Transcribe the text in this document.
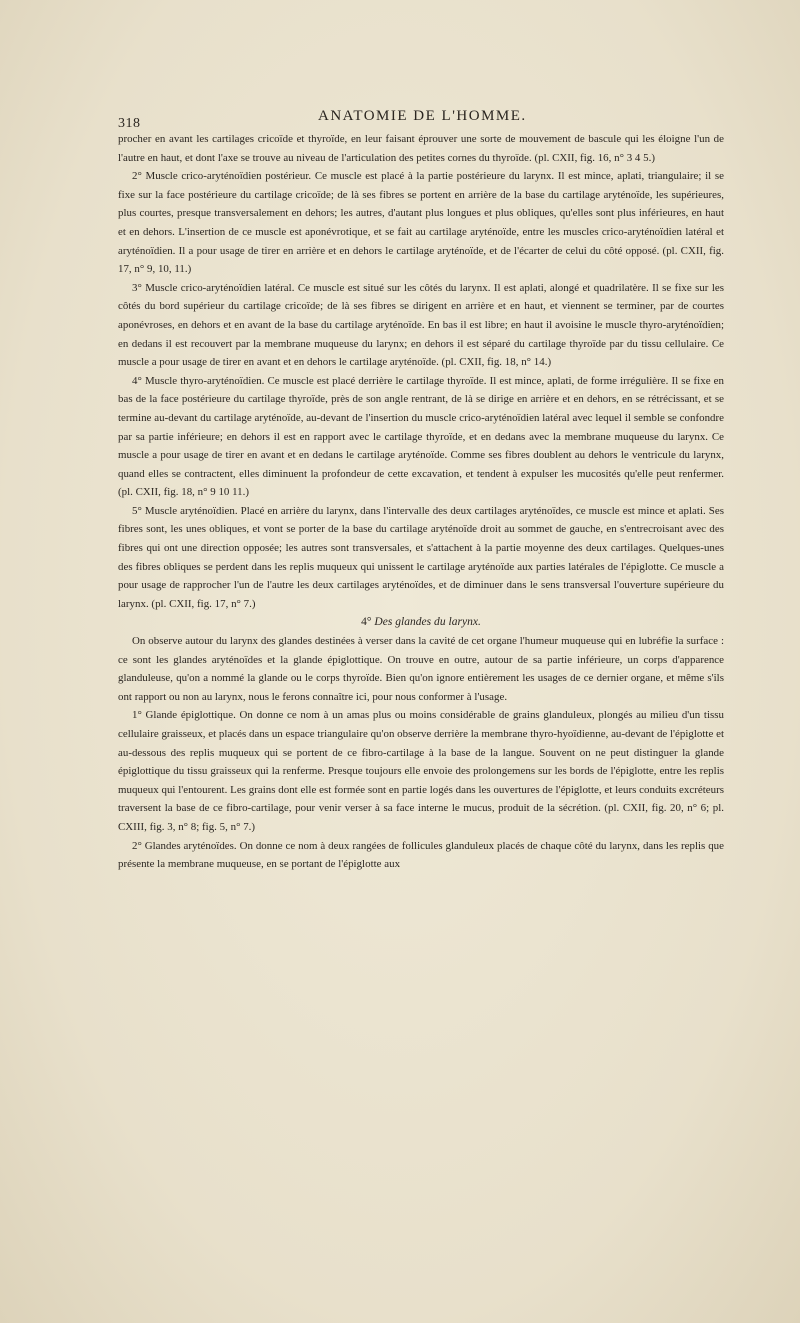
318	ANATOMIE DE L'HOMME.

procher en avant les cartilages cricoïde et thyroïde, en leur faisant éprouver une sorte de mouvement de bascule qui les éloigne l'un de l'autre en haut, et dont l'axe se trouve au niveau de l'articulation des petites cornes du thyroïde. (pl. CXII, fig. 16, n° 3 4 5.)

2° Muscle crico-aryténoïdien postérieur. Ce muscle est placé à la partie postérieure du larynx. Il est mince, aplati, triangulaire; il se fixe sur la face postérieure du cartilage cricoïde; de là ses fibres se portent en arrière de la base du cartilage aryténoïde, les supérieures, plus courtes, presque transversalement en dehors; les autres, d'autant plus longues et plus obliques, qu'elles sont plus inférieures, en haut et en dehors. L'insertion de ce muscle est aponévrotique, et se fait au cartilage aryténoïde, entre les muscles crico-aryténoïdien latéral et aryténoïdien. Il a pour usage de tirer en arrière et en dehors le cartilage aryténoïde, et de l'écarter de celui du côté opposé. (pl. CXII, fig. 17, n° 9, 10, 11.)

3° Muscle crico-aryténoïdien latéral. Ce muscle est situé sur les côtés du larynx. Il est aplati, alongé et quadrilatère. Il se fixe sur les côtés du bord supérieur du cartilage cricoïde; de là ses fibres se dirigent en arrière et en haut, et viennent se terminer, par de courtes aponévroses, en dehors et en avant de la base du cartilage aryténoïde. En bas il est libre; en haut il avoisine le muscle thyro-aryténoïdien; en dedans il est recouvert par la membrane muqueuse du larynx; en dehors il est séparé du cartilage thyroïde par du tissu cellulaire. Ce muscle a pour usage de tirer en avant et en dehors le cartilage aryténoïde. (pl. CXII, fig. 18, n° 14.)

4° Muscle thyro-aryténoïdien. Ce muscle est placé derrière le cartilage thyroïde. Il est mince, aplati, de forme irrégulière. Il se fixe en bas de la face postérieure du cartilage thyroïde, près de son angle rentrant, de là se dirige en arrière et en dehors, en se rétrécissant, et se termine au-devant du cartilage aryténoïde, au-devant de l'insertion du muscle crico-aryténoïdien latéral avec lequel il semble se confondre par sa partie inférieure; en dehors il est en rapport avec le cartilage thyroïde, et en dedans avec la membrane muqueuse du larynx. Ce muscle a pour usage de tirer en avant et en dedans le cartilage aryténoïde. Comme ses fibres doublent au dehors le ventricule du larynx, quand elles se contractent, elles diminuent la profondeur de cette excavation, et tendent à expulser les mucosités qu'elle peut renfermer. (pl. CXII, fig. 18, n° 9 10 11.)

5° Muscle aryténoïdien. Placé en arrière du larynx, dans l'intervalle des deux cartilages aryténoïdes, ce muscle est mince et aplati. Ses fibres sont, les unes obliques, et vont se porter de la base du cartilage aryténoïde droit au sommet de gauche, en s'entrecroisant avec des fibres qui ont une direction opposée; les autres sont transversales, et s'attachent à la partie moyenne des deux cartilages. Quelques-unes des fibres obliques se perdent dans les replis muqueux qui unissent le cartilage aryténoïde aux parties latérales de l'épiglotte. Ce muscle a pour usage de rapprocher l'un de l'autre les deux cartilages aryténoïdes, et de diminuer dans le sens transversal l'ouverture supérieure du larynx. (pl. CXII, fig. 17, n° 7.)

4° Des glandes du larynx.

On observe autour du larynx des glandes destinées à verser dans la cavité de cet organe l'humeur muqueuse qui en lubréfie la surface : ce sont les glandes aryténoïdes et la glande épiglottique. On trouve en outre, autour de sa partie inférieure, un corps d'apparence glanduleuse, qu'on a nommé la glande ou le corps thyroïde. Bien qu'on ignore entièrement les usages de ce dernier organe, et même s'ils ont rapport ou non au larynx, nous le ferons connaître ici, pour nous conformer à l'usage.

1° Glande épiglottique. On donne ce nom à un amas plus ou moins considérable de grains glanduleux, plongés au milieu d'un tissu cellulaire graisseux, et placés dans un espace triangulaire qu'on observe derrière la membrane thyro-hyoïdienne, au-devant de l'épiglotte et au-dessous des replis muqueux qui se portent de ce fibro-cartilage à la base de la langue. Souvent on ne peut distinguer la glande épiglottique du tissu graisseux qui la renferme. Presque toujours elle envoie des prolongemens sur les bords de l'épiglotte, entre les replis muqueux qui l'entourent. Les grains dont elle est formée sont en partie logés dans les ouvertures de l'épiglotte, et leurs conduits excréteurs traversent la base de ce fibro-cartilage, pour venir verser à sa face interne le mucus, produit de la sécrétion. (pl. CXII, fig. 20, n° 6; pl. CXIII, fig. 3, n° 8; fig. 5, n° 7.)

2° Glandes aryténoïdes. On donne ce nom à deux rangées de follicules glanduleux placés de chaque côté du larynx, dans les replis que présente la membrane muqueuse, en se portant de l'épiglotte aux
